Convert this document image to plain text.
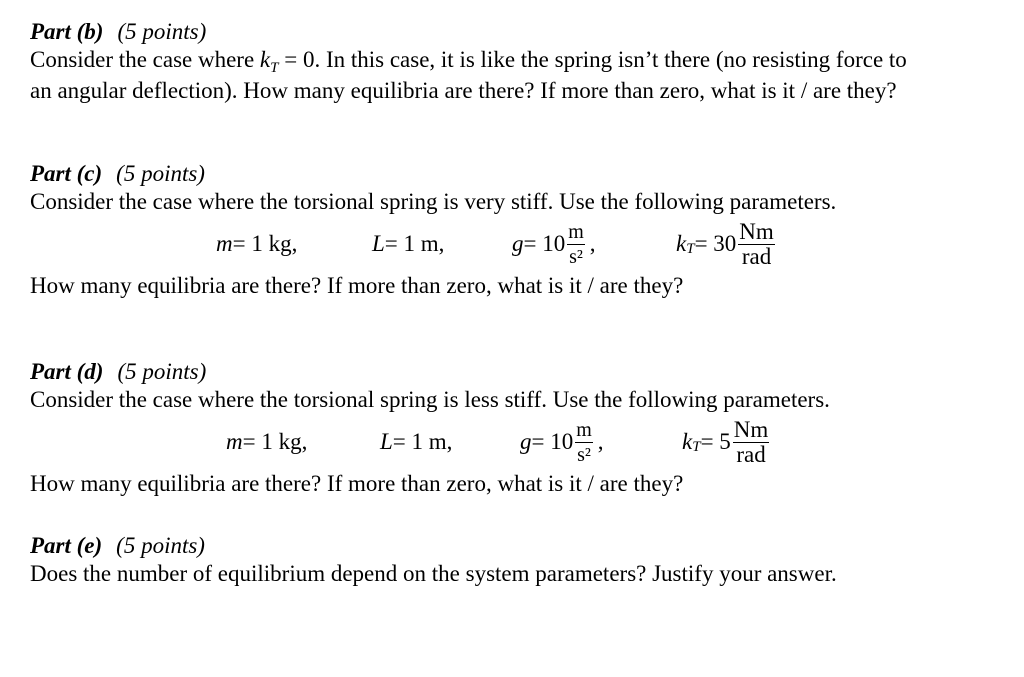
Part (b) (5 points)
Consider the case where $k_T = 0$. In this case, it is like the spring isn’t there (no resisting force to
an angular deflection). How many equilibria are there? If more than zero, what is it / are they?
Part (c) (5 points)
Consider the case where the torsional spring is very stiff. Use the following parameters.
m = 1 kg,	L = 1 m,	$g = 10 \frac{m}{\text{s²}}$ ,	k $T = 30 \frac{Nm}{\text{rad}}$
How many equilibria are there? If more than zero, what is it / are they?
Part (d) (5 points)
Consider the case where the torsional spring is less stiff. Use the following parameters.
m = 1 kg,	L = 1 m,	$g = 10 \frac{m}{\text{s²}}$ ,	k $T = 5 \frac{Nm}{\text{rad}}$
How many equilibria are there? If more than zero, what is it / are they?
Part (e) (5 points)
Does the number of equilibrium depend on the system parameters? Justify your answer.
